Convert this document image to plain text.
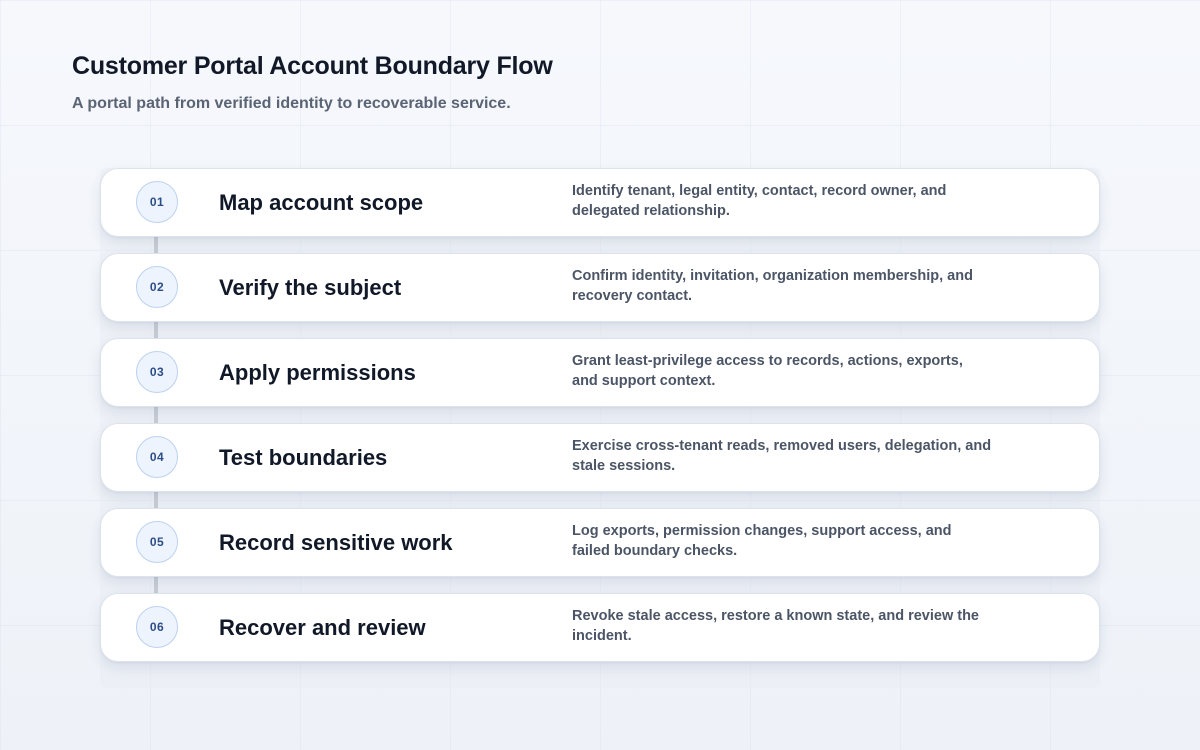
Customer Portal Account Boundary Flow
A portal path from verified identity to recoverable service.
01	Map account scope	Identify tenant, legal entity, contact, record owner, and delegated relationship.
02	Verify the subject	Confirm identity, invitation, organization membership, and recovery contact.
03	Apply permissions	Grant least-privilege access to records, actions, exports, and support context.
04	Test boundaries	Exercise cross-tenant reads, removed users, delegation, and stale sessions.
05	Record sensitive work	Log exports, permission changes, support access, and failed boundary checks.
06	Recover and review	Revoke stale access, restore a known state, and review the incident.
